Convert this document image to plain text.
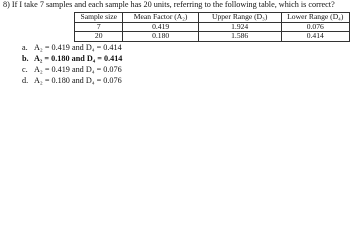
8) If I take 7 samples and each sample has 20 units, referring to the following table, which is correct?
Sample size	Mean Factor (A₂)	Upper Range (D₃)	Lower Range (D₄)
7	0.419	1.924	0.076
20	0.180	1.586	0.414
a. A₂ = 0.419 and D₄ = 0.414
b. A₂ = 0.180 and D₄ = 0.414
c. A₂ = 0.419 and D₄ = 0.076
d. A₂ = 0.180 and D₄ = 0.076
